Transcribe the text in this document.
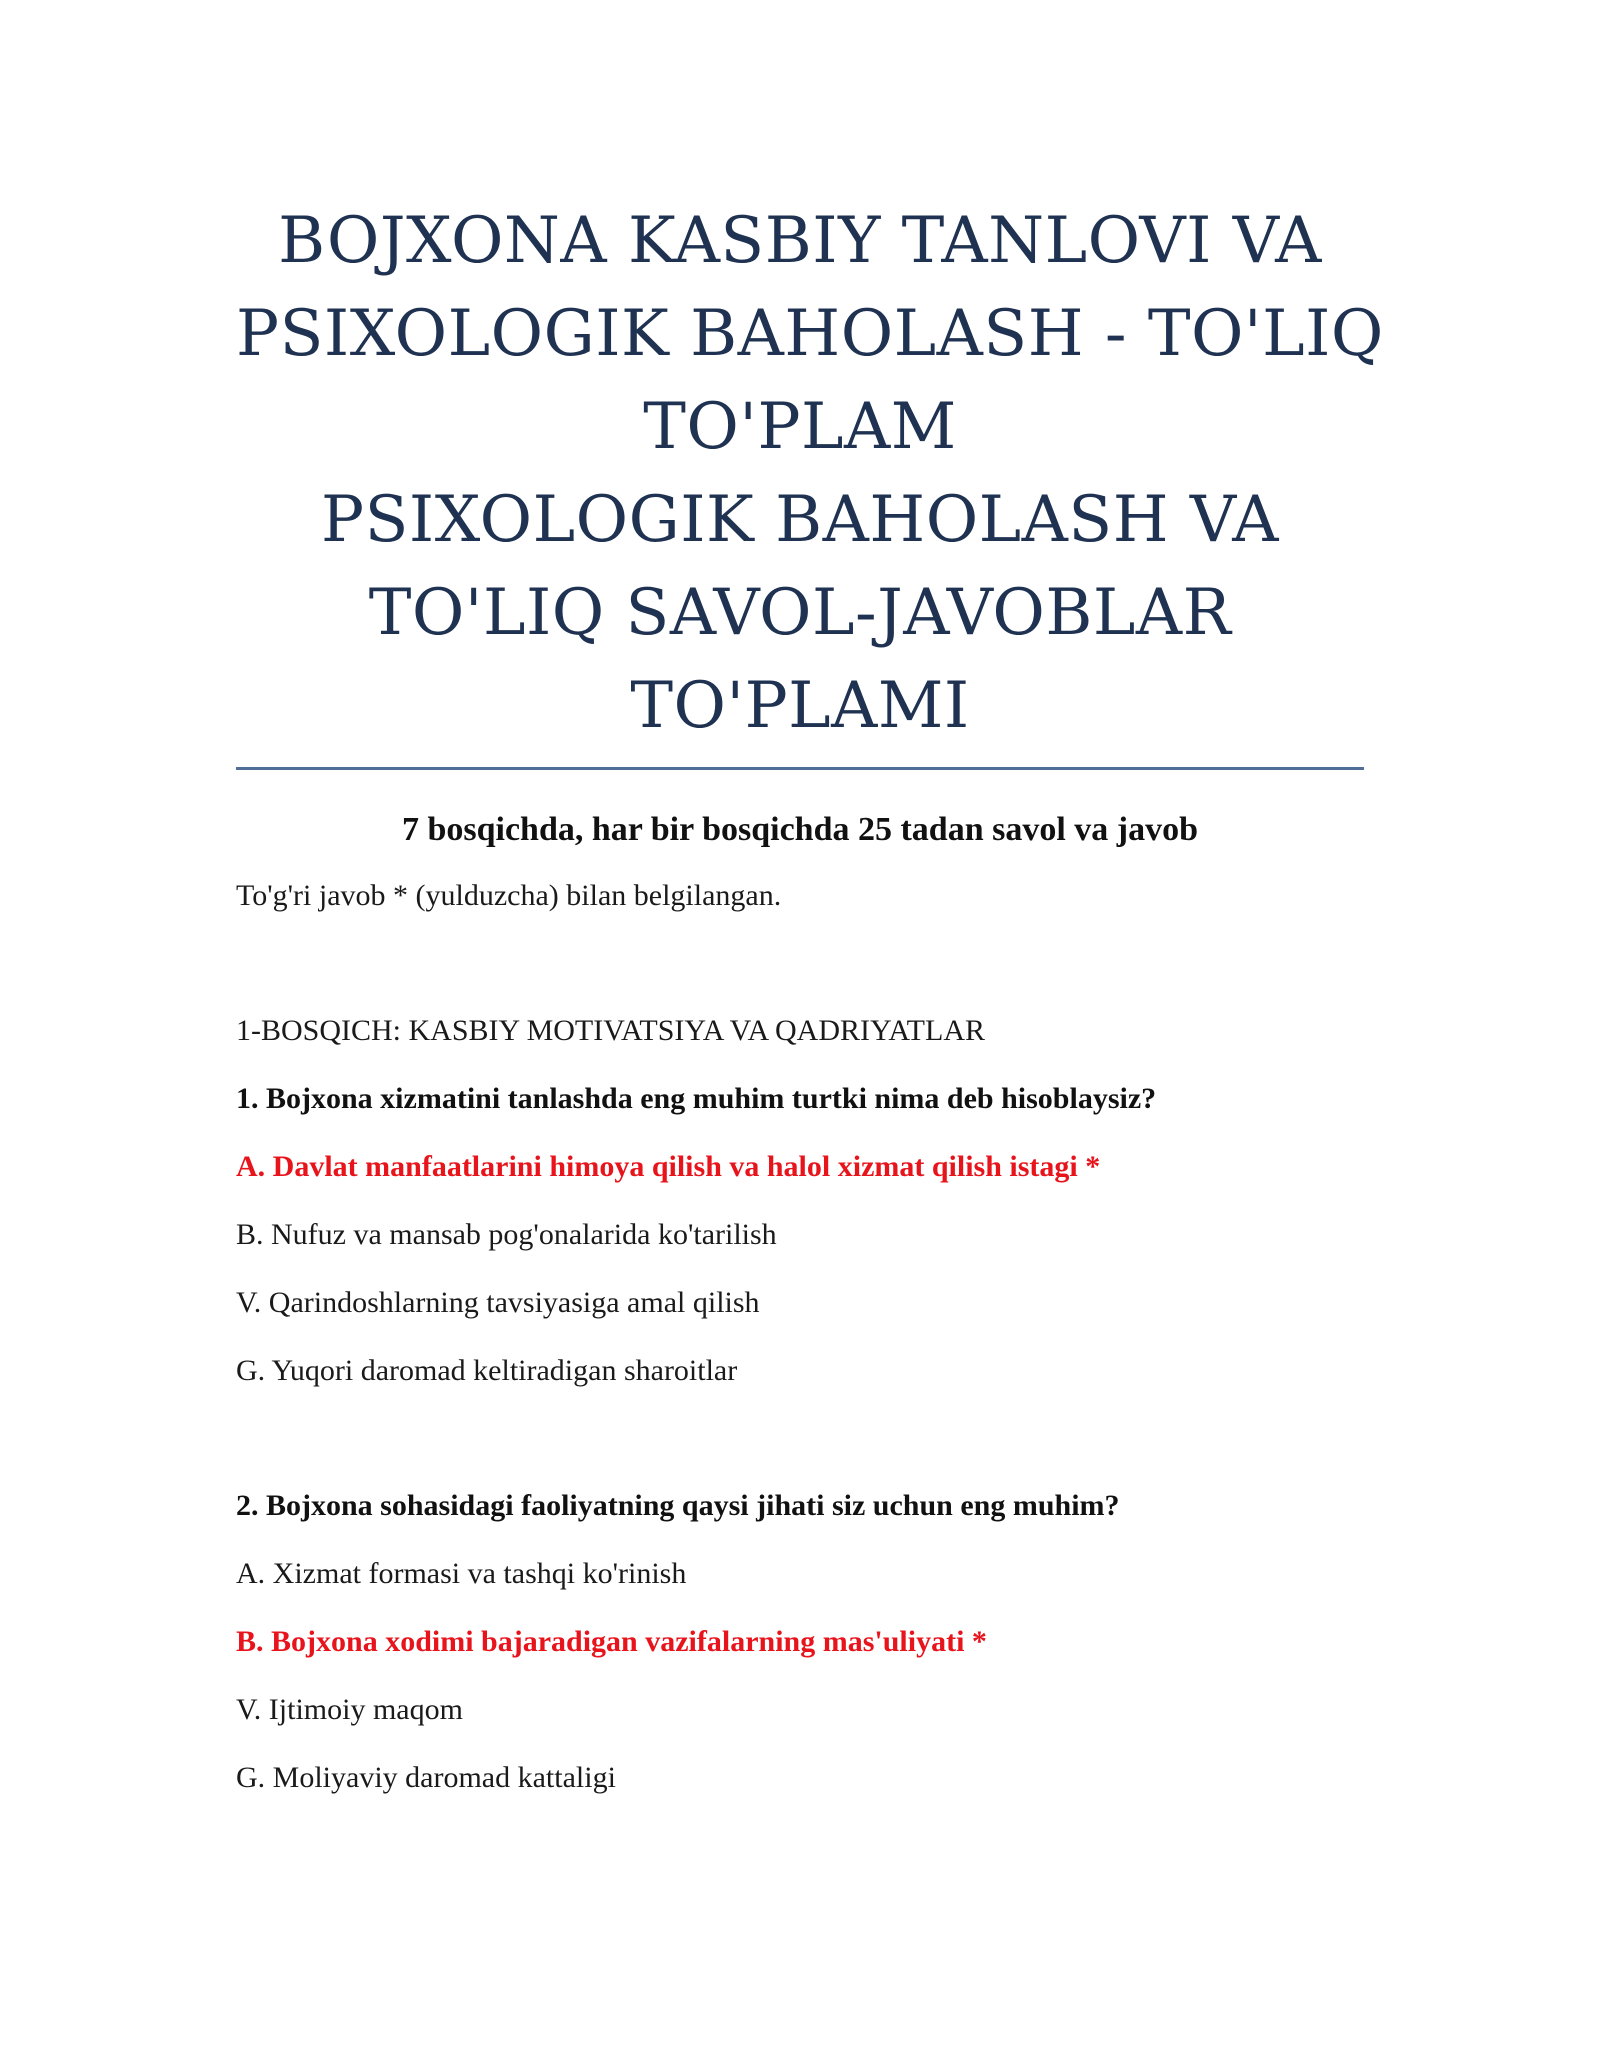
BOJXONA KASBIY TANLOVI VA
PSIXOLOGIK BAHOLASH - TO'LIQ
TO'PLAM
PSIXOLOGIK BAHOLASH VA
TO'LIQ SAVOL-JAVOBLAR
TO'PLAMI
7 bosqichda, har bir bosqichda 25 tadan savol va javob
To'g'ri javob * (yulduzcha) bilan belgilangan.
1-BOSQICH: KASBIY MOTIVATSIYA VA QADRIYATLAR
1. Bojxona xizmatini tanlashda eng muhim turtki nima deb hisoblaysiz?
A. Davlat manfaatlarini himoya qilish va halol xizmat qilish istagi *
B. Nufuz va mansab pog'onalarida ko'tarilish
V. Qarindoshlarning tavsiyasiga amal qilish
G. Yuqori daromad keltiradigan sharoitlar
2. Bojxona sohasidagi faoliyatning qaysi jihati siz uchun eng muhim?
A. Xizmat formasi va tashqi ko'rinish
B. Bojxona xodimi bajaradigan vazifalarning mas'uliyati *
V. Ijtimoiy maqom
G. Moliyaviy daromad kattaligi
